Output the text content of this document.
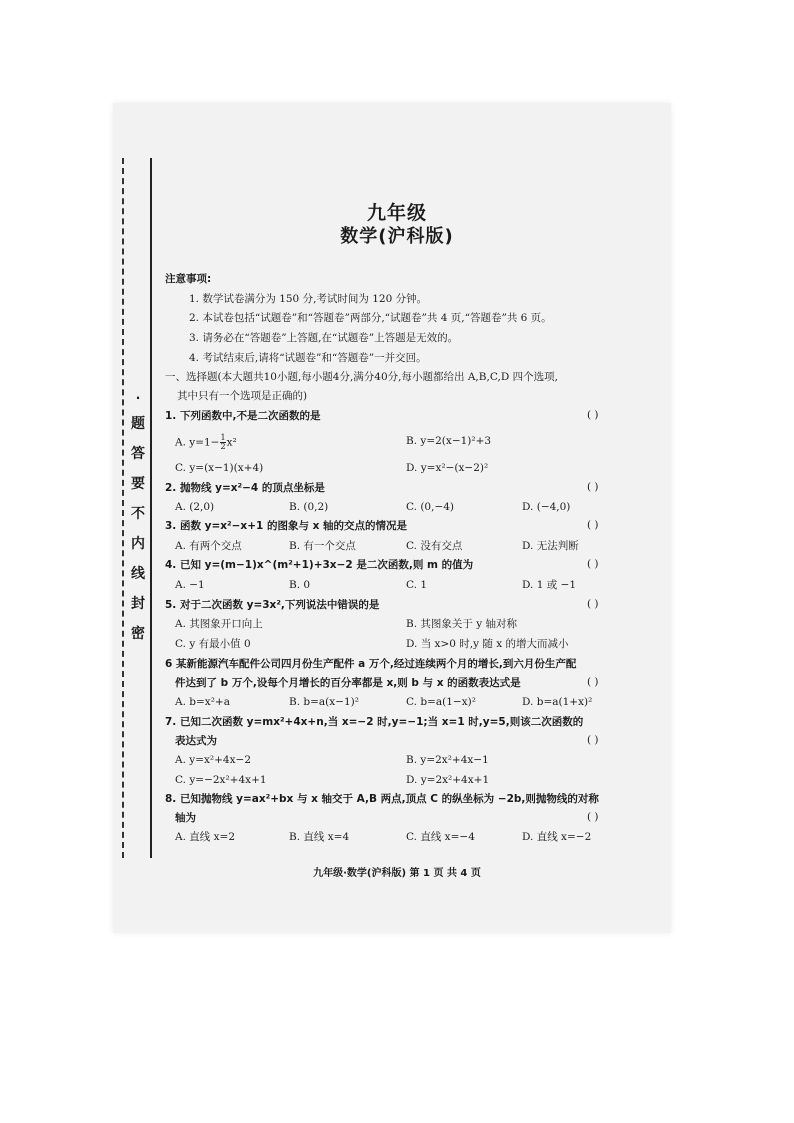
·
题
答
要
不
内
线
封
密
九年级
数学(沪科版)
注意事项:
1. 数学试卷满分为 150 分,考试时间为 120 分钟。
2. 本试卷包括“试题卷”和“答题卷”两部分,“试题卷”共 4 页,“答题卷”共 6 页。
3. 请务必在“答题卷”上答题,在“试题卷”上答题是无效的。
4. 考试结束后,请将“试题卷”和“答题卷”一并交回。
一、选择题(本大题共10小题,每小题4分,满分40分,每小题都给出 A,B,C,D 四个选项,
其中只有一个选项是正确的)
1. 下列函数中,不是二次函数的是	( )
A. $y=1- \frac{1}{2} x^2$	B. y=2(x−1)²+3
C. y=(x−1)(x+4)	D. y=x²−(x−2)²
2. 抛物线 y=x²−4 的顶点坐标是	( )
A. (2,0)	B. (0,2)	C. (0,−4)	D. (−4,0)
3. 函数 y=x²−x+1 的图象与 x 轴的交点的情况是	( )
A. 有两个交点	B. 有一个交点	C. 没有交点	D. 无法判断
4. 已知 y=(m−1)x^(m²+1)+3x−2 是二次函数,则 m 的值为	( )
A. −1	B. 0	C. 1	D. 1 或 −1
5. 对于二次函数 y=3x²,下列说法中错误的是	( )
A. 其图象开口向上	B. 其图象关于 y 轴对称
C. y 有最小值 0	D. 当 x>0 时,y 随 x 的增大而减小
6 某新能源汽车配件公司四月份生产配件 a 万个,经过连续两个月的增长,到六月份生产配
件达到了 b 万个,设每个月增长的百分率都是 x,则 b 与 x 的函数表达式是	( )
A. b=x²+a	B. b=a(x−1)²	C. b=a(1−x)²	D. b=a(1+x)²
7. 已知二次函数 y=mx²+4x+n,当 x=−2 时,y=−1;当 x=1 时,y=5,则该二次函数的
表达式为	( )
A. y=x²+4x−2	B. y=2x²+4x−1
C. y=−2x²+4x+1	D. y=2x²+4x+1
8. 已知抛物线 y=ax²+bx 与 x 轴交于 A,B 两点,顶点 C 的纵坐标为 −2b,则抛物线的对称
轴为	( )
A. 直线 x=2	B. 直线 x=4	C. 直线 x=−4	D. 直线 x=−2
九年级·数学(沪科版) 第 1 页 共 4 页
